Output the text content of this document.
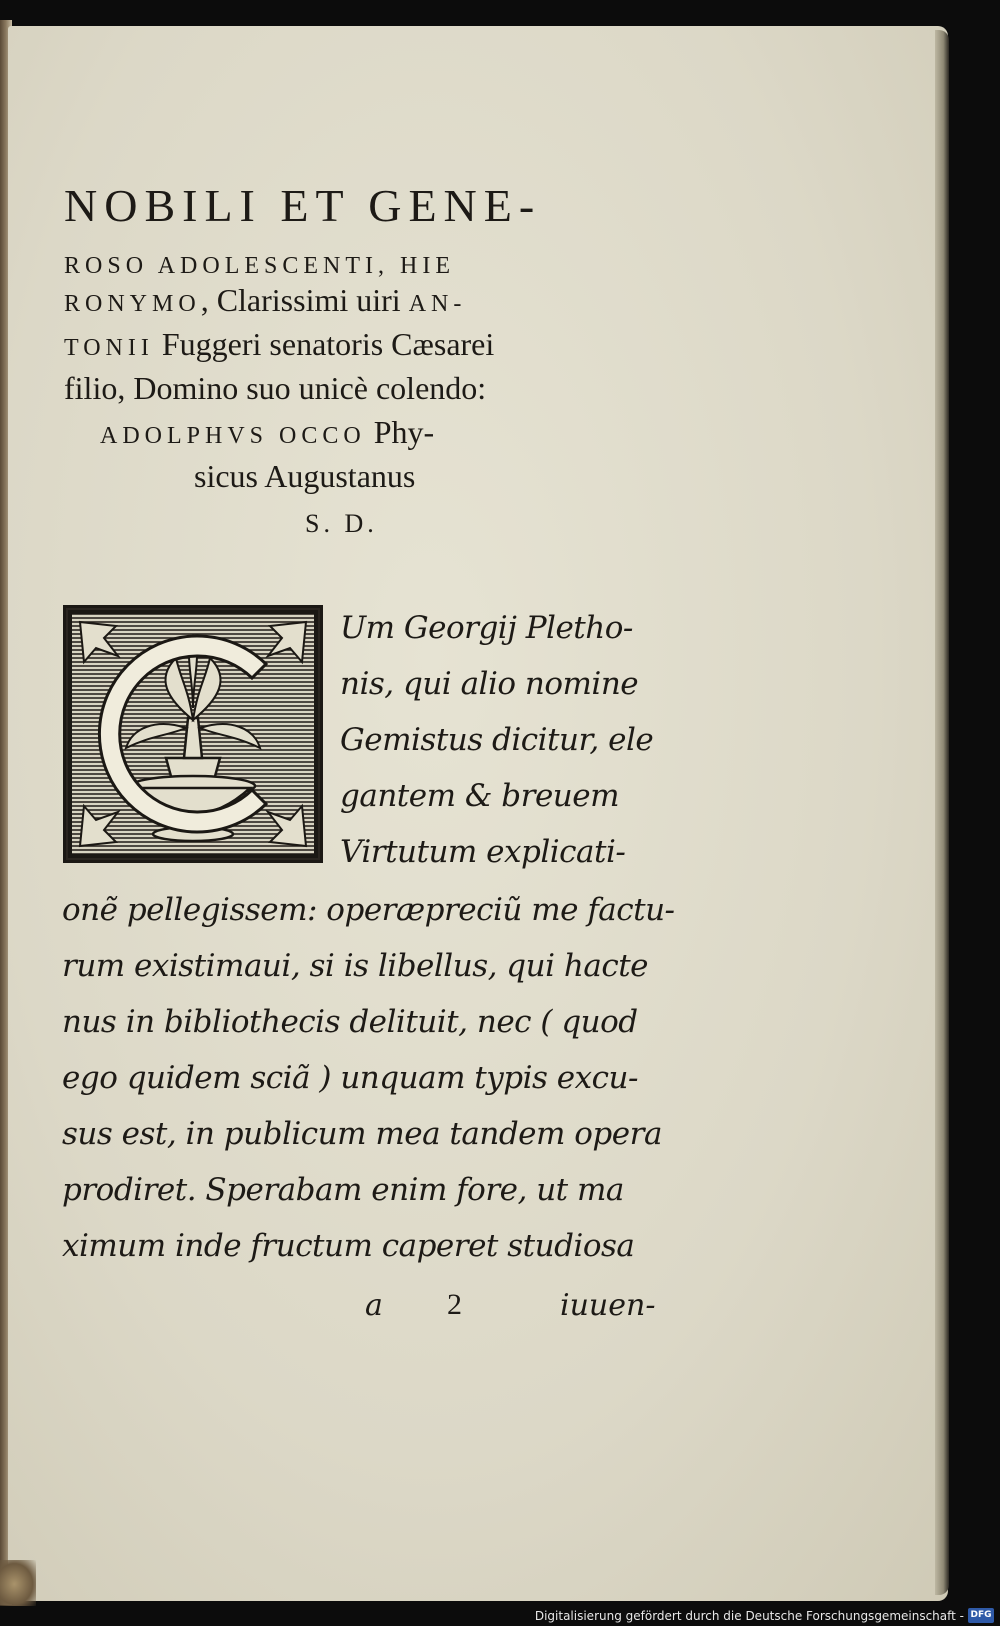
NOBILI ET GENE-
ROSO ADOLESCENTI, HIE
RONYMO, Clarissimi uiri AN-
TONII Fuggeri senatoris Cæsarei
filio, Domino suo unicè colendo:
ADOLPHVS OCCO Phy-
sicus Augustanus
S. D.
Um Georgij Pletho-
nis, qui alio nomine
Gemistus dicitur, ele
gantem & breuem
Virtutum explicati-
onẽ pellegissem: operæpreciũ me factu-
rum existimaui, si is libellus, qui hacte
nus in bibliothecis delituit, nec ( quod
ego quidem sciã ) unquam typis excu-
sus est, in publicum mea tandem opera
prodiret. Sperabam enim fore, ut ma
ximum inde fructum caperet studiosa
a 2	iuuen-
Digitalisierung gefördert durch die Deutsche Forschungsgemeinschaft - DFG
